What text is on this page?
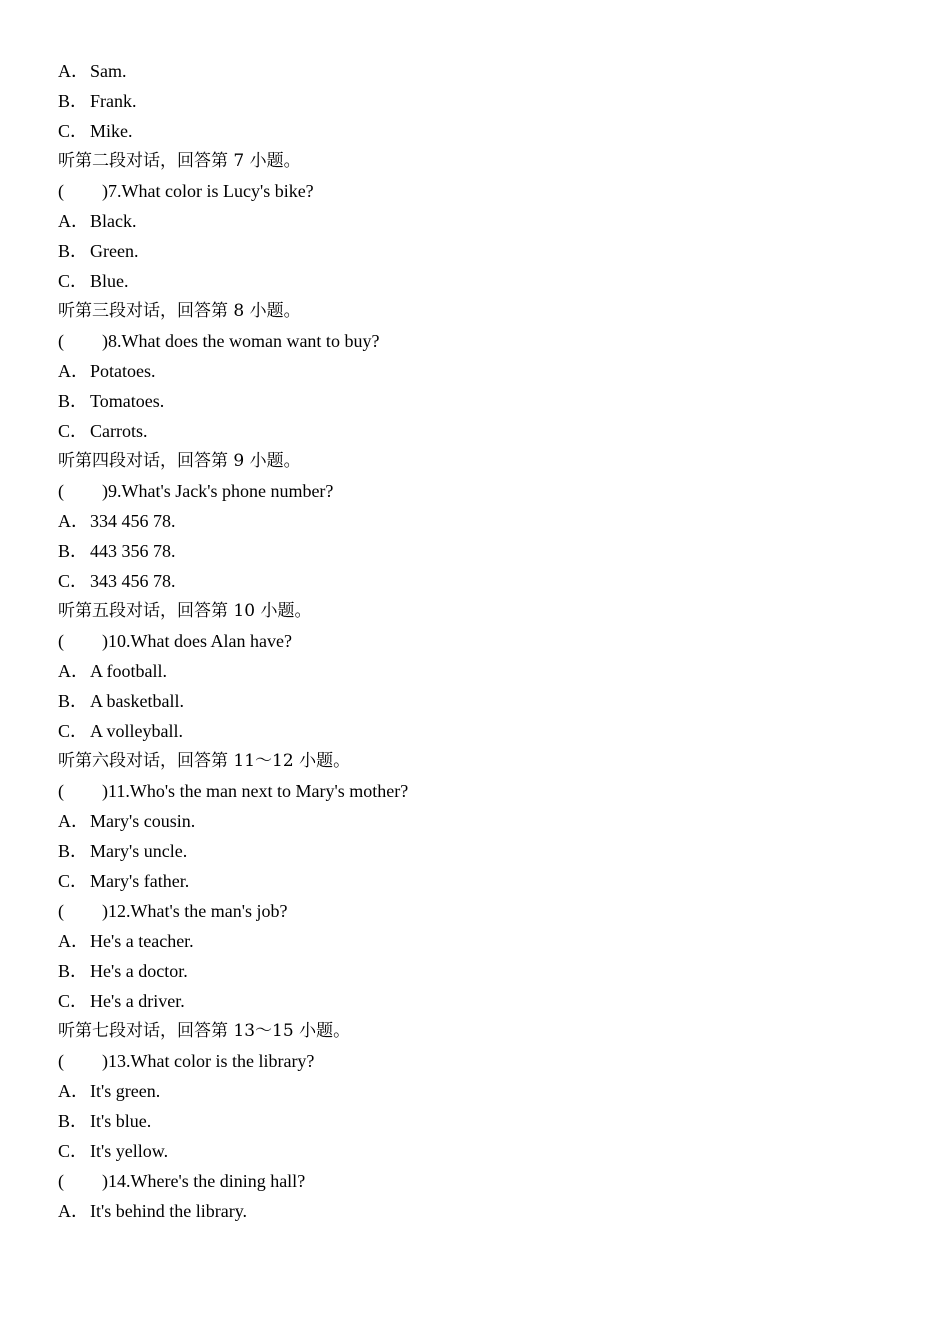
A．Sam.
B． Frank.
C． Mike.
听第二段对话，回答第 7 小题。
( )7.What color is Lucy's bike?
A．Black.
B． Green.
C． Blue.
听第三段对话，回答第 8 小题。
( )8.What does the woman want to buy?
A．Potatoes.
B． Tomatoes.
C． Carrots.
听第四段对话，回答第 9 小题。
( )9.What's Jack's phone number?
A．334 456 78.
B． 443 356 78.
C． 343 456 78.
听第五段对话，回答第 10 小题。
( )10.What does Alan have?
A．A football.
B． A basketball.
C． A volleyball.
听第六段对话，回答第 11～12 小题。
( )11.Who's the man next to Mary's mother?
A．Mary's cousin.
B． Mary's uncle.
C． Mary's father.
( )12.What's the man's job?
A．He's a teacher.
B． He's a doctor.
C． He's a driver.
听第七段对话，回答第 13～15 小题。
( )13.What color is the library?
A．It's green.
B． It's blue.
C． It's yellow.
( )14.Where's the dining hall?
A．It's behind the library.
